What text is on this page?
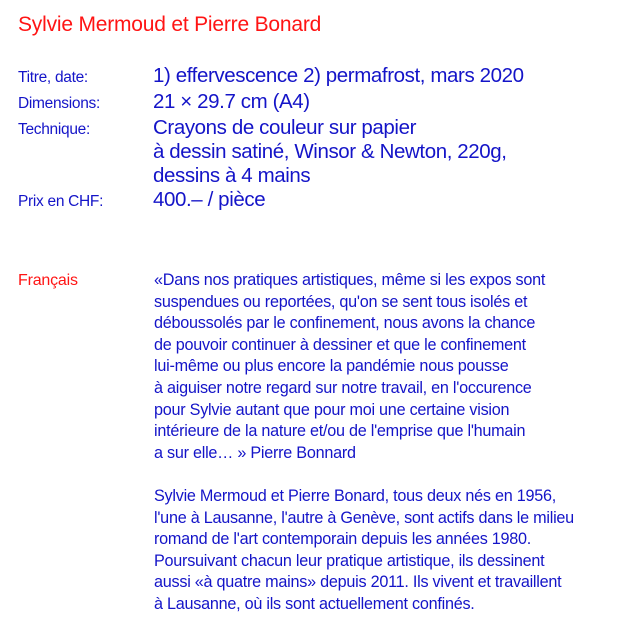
Sylvie Mermoud et Pierre Bonard
Titre, date:	1) effervescence 2) permafrost, mars 2020
Dimensions:	21 × 29.7 cm (A4)
Technique:	Crayons de couleur sur papier
à dessin satiné, Winsor & Newton, 220g,
dessins à 4 mains
Prix en CHF:	400.– / pièce
Français	«Dans nos pratiques artistiques, même si les expos sont
suspendues ou reportées, qu'on se sent tous isolés et
déboussolés par le confinement, nous avons la chance
de pouvoir continuer à dessiner et que le confinement
lui-même ou plus encore la pandémie nous pousse
à aiguiser notre regard sur notre travail, en l'occurence
pour Sylvie autant que pour moi une certaine vision
intérieure de la nature et/ou de l'emprise que l'humain
a sur elle… » Pierre Bonnard
Sylvie Mermoud et Pierre Bonard, tous deux nés en 1956,
l'une à Lausanne, l'autre à Genève, sont actifs dans le milieu
romand de l'art contemporain depuis les années 1980.
Poursuivant chacun leur pratique artistique, ils dessinent
aussi «à quatre mains» depuis 2011. Ils vivent et travaillent
à Lausanne, où ils sont actuellement confinés.
